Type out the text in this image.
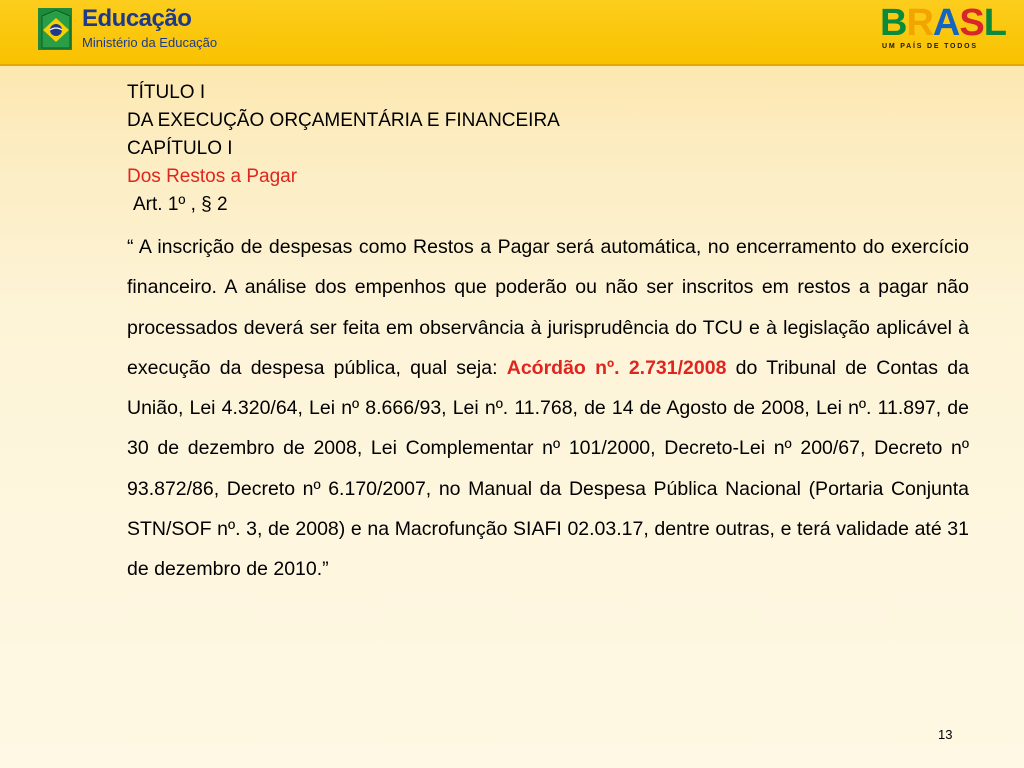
Educação
Ministério da Educação	BRASL
UM PAÍS DE TODOS
TÍTULO I
DA EXECUÇÃO ORÇAMENTÁRIA E FINANCEIRA
CAPÍTULO I
Dos Restos a Pagar
Art. 1º , § 2
“ A inscrição de despesas como Restos a Pagar será automática, no encerramento do exercício financeiro. A análise dos empenhos que poderão ou não ser inscritos em restos a pagar não processados deverá ser feita em observância à jurisprudência do TCU e à legislação aplicável à execução da despesa pública, qual seja: Acórdão nº. 2.731/2008 do Tribunal de Contas da União, Lei 4.320/64, Lei nº 8.666/93, Lei nº. 11.768, de 14 de Agosto de 2008, Lei nº. 11.897, de 30 de dezembro de 2008, Lei Complementar nº 101/2000, Decreto-Lei nº 200/67, Decreto nº 93.872/86, Decreto nº 6.170/2007, no Manual da Despesa Pública Nacional (Portaria Conjunta STN/SOF nº. 3, de 2008) e na Macrofunção SIAFI 02.03.17, dentre outras, e terá validade até 31 de dezembro de 2010.”
13
